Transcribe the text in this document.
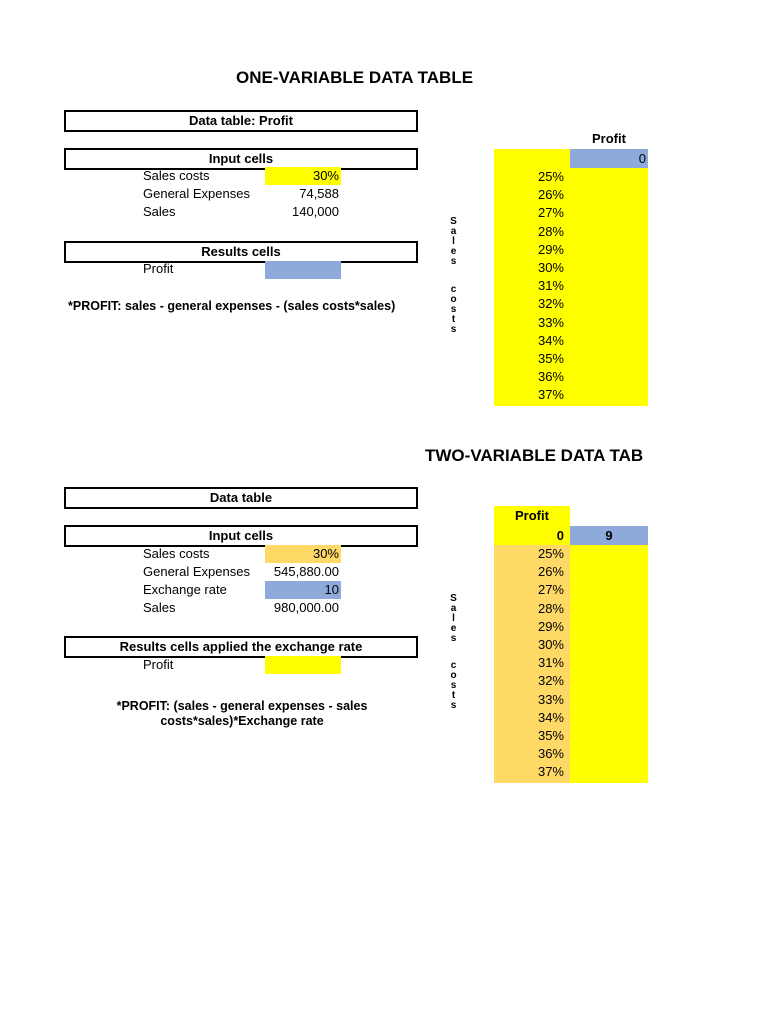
ONE-VARIABLE DATA TABLE
Data table: Profit
Input cells
Sales costs	30%
General Expenses	74,588
Sales	140,000
Results cells
Profit
*PROFIT: sales - general expenses - (sales costs*sales)
Sales
costs
Profit
0
25%
26%
27%
28%
29%
30%
31%
32%
33%
34%
35%
36%
37%
TWO-VARIABLE DATA TAB
Data table
Input cells
Sales costs	30%
General Expenses	545,880.00
Exchange rate	10
Sales	980,000.00
Results cells applied the exchange rate
Profit
*PROFIT: (sales - general expenses - sales costs*sales)*Exchange rate
Sales
costs
Profit
0	9
25%
26%
27%
28%
29%
30%
31%
32%
33%
34%
35%
36%
37%
